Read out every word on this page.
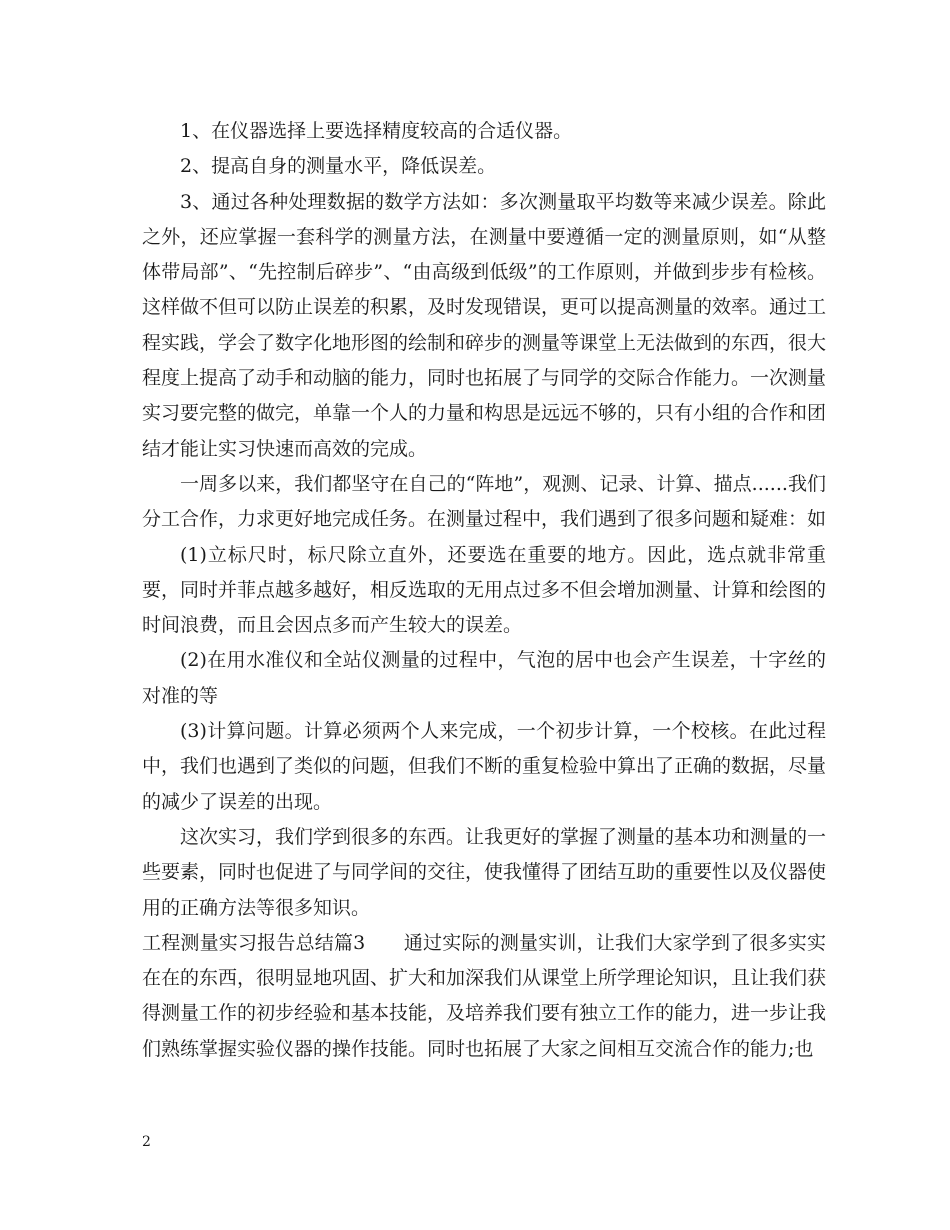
1、在仪器选择上要选择精度较高的合适仪器。

2、提高自身的测量水平，降低误差。

3、通过各种处理数据的数学方法如：多次测量取平均数等来减少误差。除此之外，还应掌握一套科学的测量方法，在测量中要遵循一定的测量原则，如“从整体带局部”、“先控制后碎步”、“由高级到低级”的工作原则，并做到步步有检核。这样做不但可以防止误差的积累，及时发现错误，更可以提高测量的效率。通过工程实践，学会了数字化地形图的绘制和碎步的测量等课堂上无法做到的东西，很大程度上提高了动手和动脑的能力，同时也拓展了与同学的交际合作能力。一次测量实习要完整的做完，单靠一个人的力量和构思是远远不够的，只有小组的合作和团结才能让实习快速而高效的完成。

一周多以来，我们都坚守在自己的“阵地”，观测、记录、计算、描点......我们分工合作，力求更好地完成任务。在测量过程中，我们遇到了很多问题和疑难：如

(1)立标尺时，标尺除立直外，还要选在重要的地方。因此，选点就非常重要，同时并菲点越多越好，相反选取的无用点过多不但会增加测量、计算和绘图的时间浪费，而且会因点多而产生较大的误差。

(2)在用水准仪和全站仪测量的过程中，气泡的居中也会产生误差，十字丝的对准的等

(3)计算问题。计算必须两个人来完成，一个初步计算，一个校核。在此过程中，我们也遇到了类似的问题，但我们不断的重复检验中算出了正确的数据，尽量的减少了误差的出现。

这次实习，我们学到很多的东西。让我更好的掌握了测量的基本功和测量的一些要素，同时也促进了与同学间的交往，使我懂得了团结互助的重要性以及仪器使用的正确方法等很多知识。

工程测量实习报告总结篇3　　通过实际的测量实训，让我们大家学到了很多实实在在的东西，很明显地巩固、扩大和加深我们从课堂上所学理论知识，且让我们获得测量工作的初步经验和基本技能，及培养我们要有独立工作的能力，进一步让我们熟练掌握实验仪器的操作技能。同时也拓展了大家之间相互交流合作的能力;也

2
